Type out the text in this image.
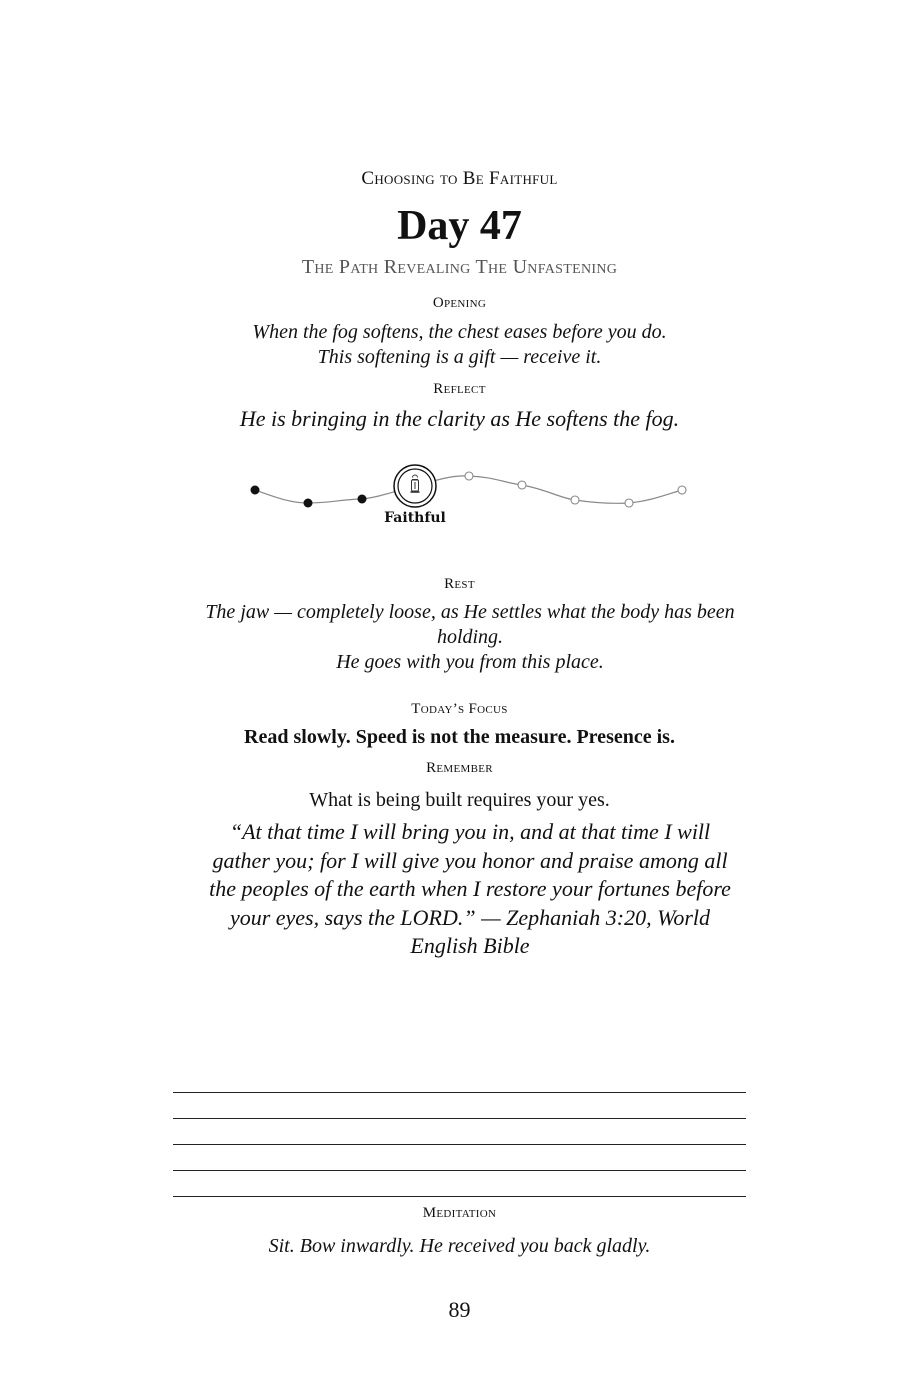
Choosing to Be Faithful
Day 47
The Path Revealing The Unfastening
Opening
When the fog softens, the chest eases before you do.
This softening is a gift — receive it.
Reflect
He is bringing in the clarity as He softens the fog.
Faithful
Rest
The jaw — completely loose, as He settles what the body has been holding.
He goes with you from this place.
Today’s Focus
Read slowly. Speed is not the measure. Presence is.
Remember
What is being built requires your yes.
“At that time I will bring you in, and at that time I will gather you; for I will give you honor and praise among all the peoples of the earth when I restore your fortunes before your eyes, says the LORD.” — Zephaniah 3:20, World English Bible
Meditation
Sit. Bow inwardly. He received you back gladly.
89
